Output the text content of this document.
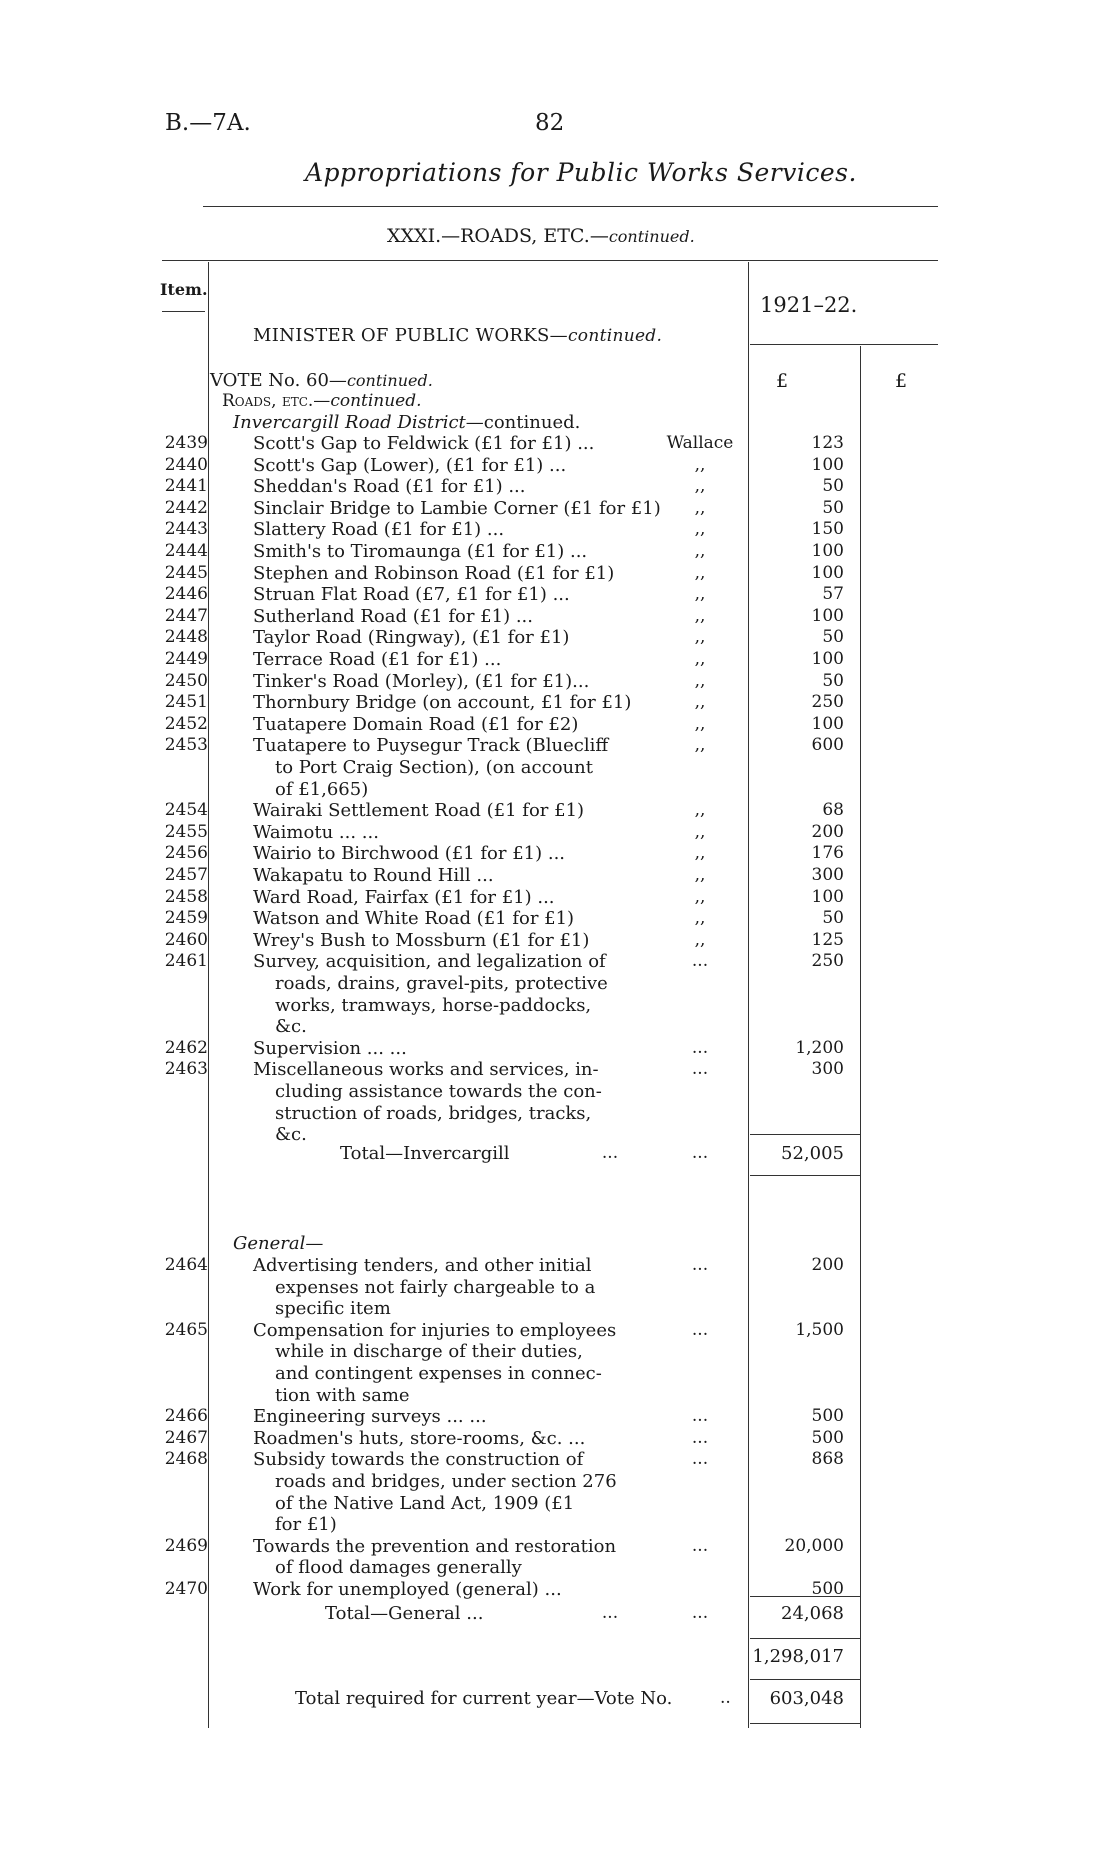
B.—7A.	82
Appropriations for Public Works Services.
XXXI.—ROADS, ETC.—continued.
Item.
1921–22.
MINISTER OF PUBLIC WORKS—continued.
£	£
VOTE No. 60—continued.
Roads, etc.—continued.
Invercargill Road District—continued.
2439	Scott's Gap to Feldwick (£1 for £1) ...	Wallace	123
2440	Scott's Gap (Lower), (£1 for £1) ...	,,	100
2441	Sheddan's Road (£1 for £1) ...	,,	50
2442	Sinclair Bridge to Lambie Corner (£1 for £1)	,,	50
2443	Slattery Road (£1 for £1) ...	,,	150
2444	Smith's to Tiromaunga (£1 for £1) ...	,,	100
2445	Stephen and Robinson Road (£1 for £1)	,,	100
2446	Struan Flat Road (£7, £1 for £1) ...	,,	57
2447	Sutherland Road (£1 for £1) ...	,,	100
2448	Taylor Road (Ringway), (£1 for £1)	,,	50
2449	Terrace Road (£1 for £1) ...	,,	100
2450	Tinker's Road (Morley), (£1 for £1)...	,,	50
2451	Thornbury Bridge (on account, £1 for £1)	,,	250
2452	Tuatapere Domain Road (£1 for £2)	,,	100
2453	Tuatapere to Puysegur Track (Bluecliff
to Port Craig Section), (on account
of £1,665)
,,	600
2454	Wairaki Settlement Road (£1 for £1)	,,	68
2455	Waimotu ... ...	,,	200
2456	Wairio to Birchwood (£1 for £1) ...	,,	176
2457	Wakapatu to Round Hill ...	,,	300
2458	Ward Road, Fairfax (£1 for £1) ...	,,	100
2459	Watson and White Road (£1 for £1)	,,	50
2460	Wrey's Bush to Mossburn (£1 for £1)	,,	125
2461	Survey, acquisition, and legalization of
roads, drains, gravel-pits, protective
works, tramways, horse-paddocks,
&c.
...	250
2462	Supervision ... ...	...	1,200
2463	Miscellaneous works and services, in-
cluding assistance towards the con-
struction of roads, bridges, tracks,
&c.
...	300
Total—Invercargill	...	...	52,005
General—
2464	Advertising tenders, and other initial
expenses not fairly chargeable to a
specific item
...	200
2465	Compensation for injuries to employees
while in discharge of their duties,
and contingent expenses in connec-
tion with same
...	1,500
2466	Engineering surveys ... ...	...	500
2467	Roadmen's huts, store-rooms, &c. ...	...	500
2468	Subsidy towards the construction of
roads and bridges, under section 276
of the Native Land Act, 1909 (£1
for £1)
...	868
2469	Towards the prevention and restoration
of flood damages generally
...	20,000
2470	Work for unemployed (general) ...	500
Total—General ...	...	...	24,068
1,298,017
Total required for current year—Vote No.	..	603,048
